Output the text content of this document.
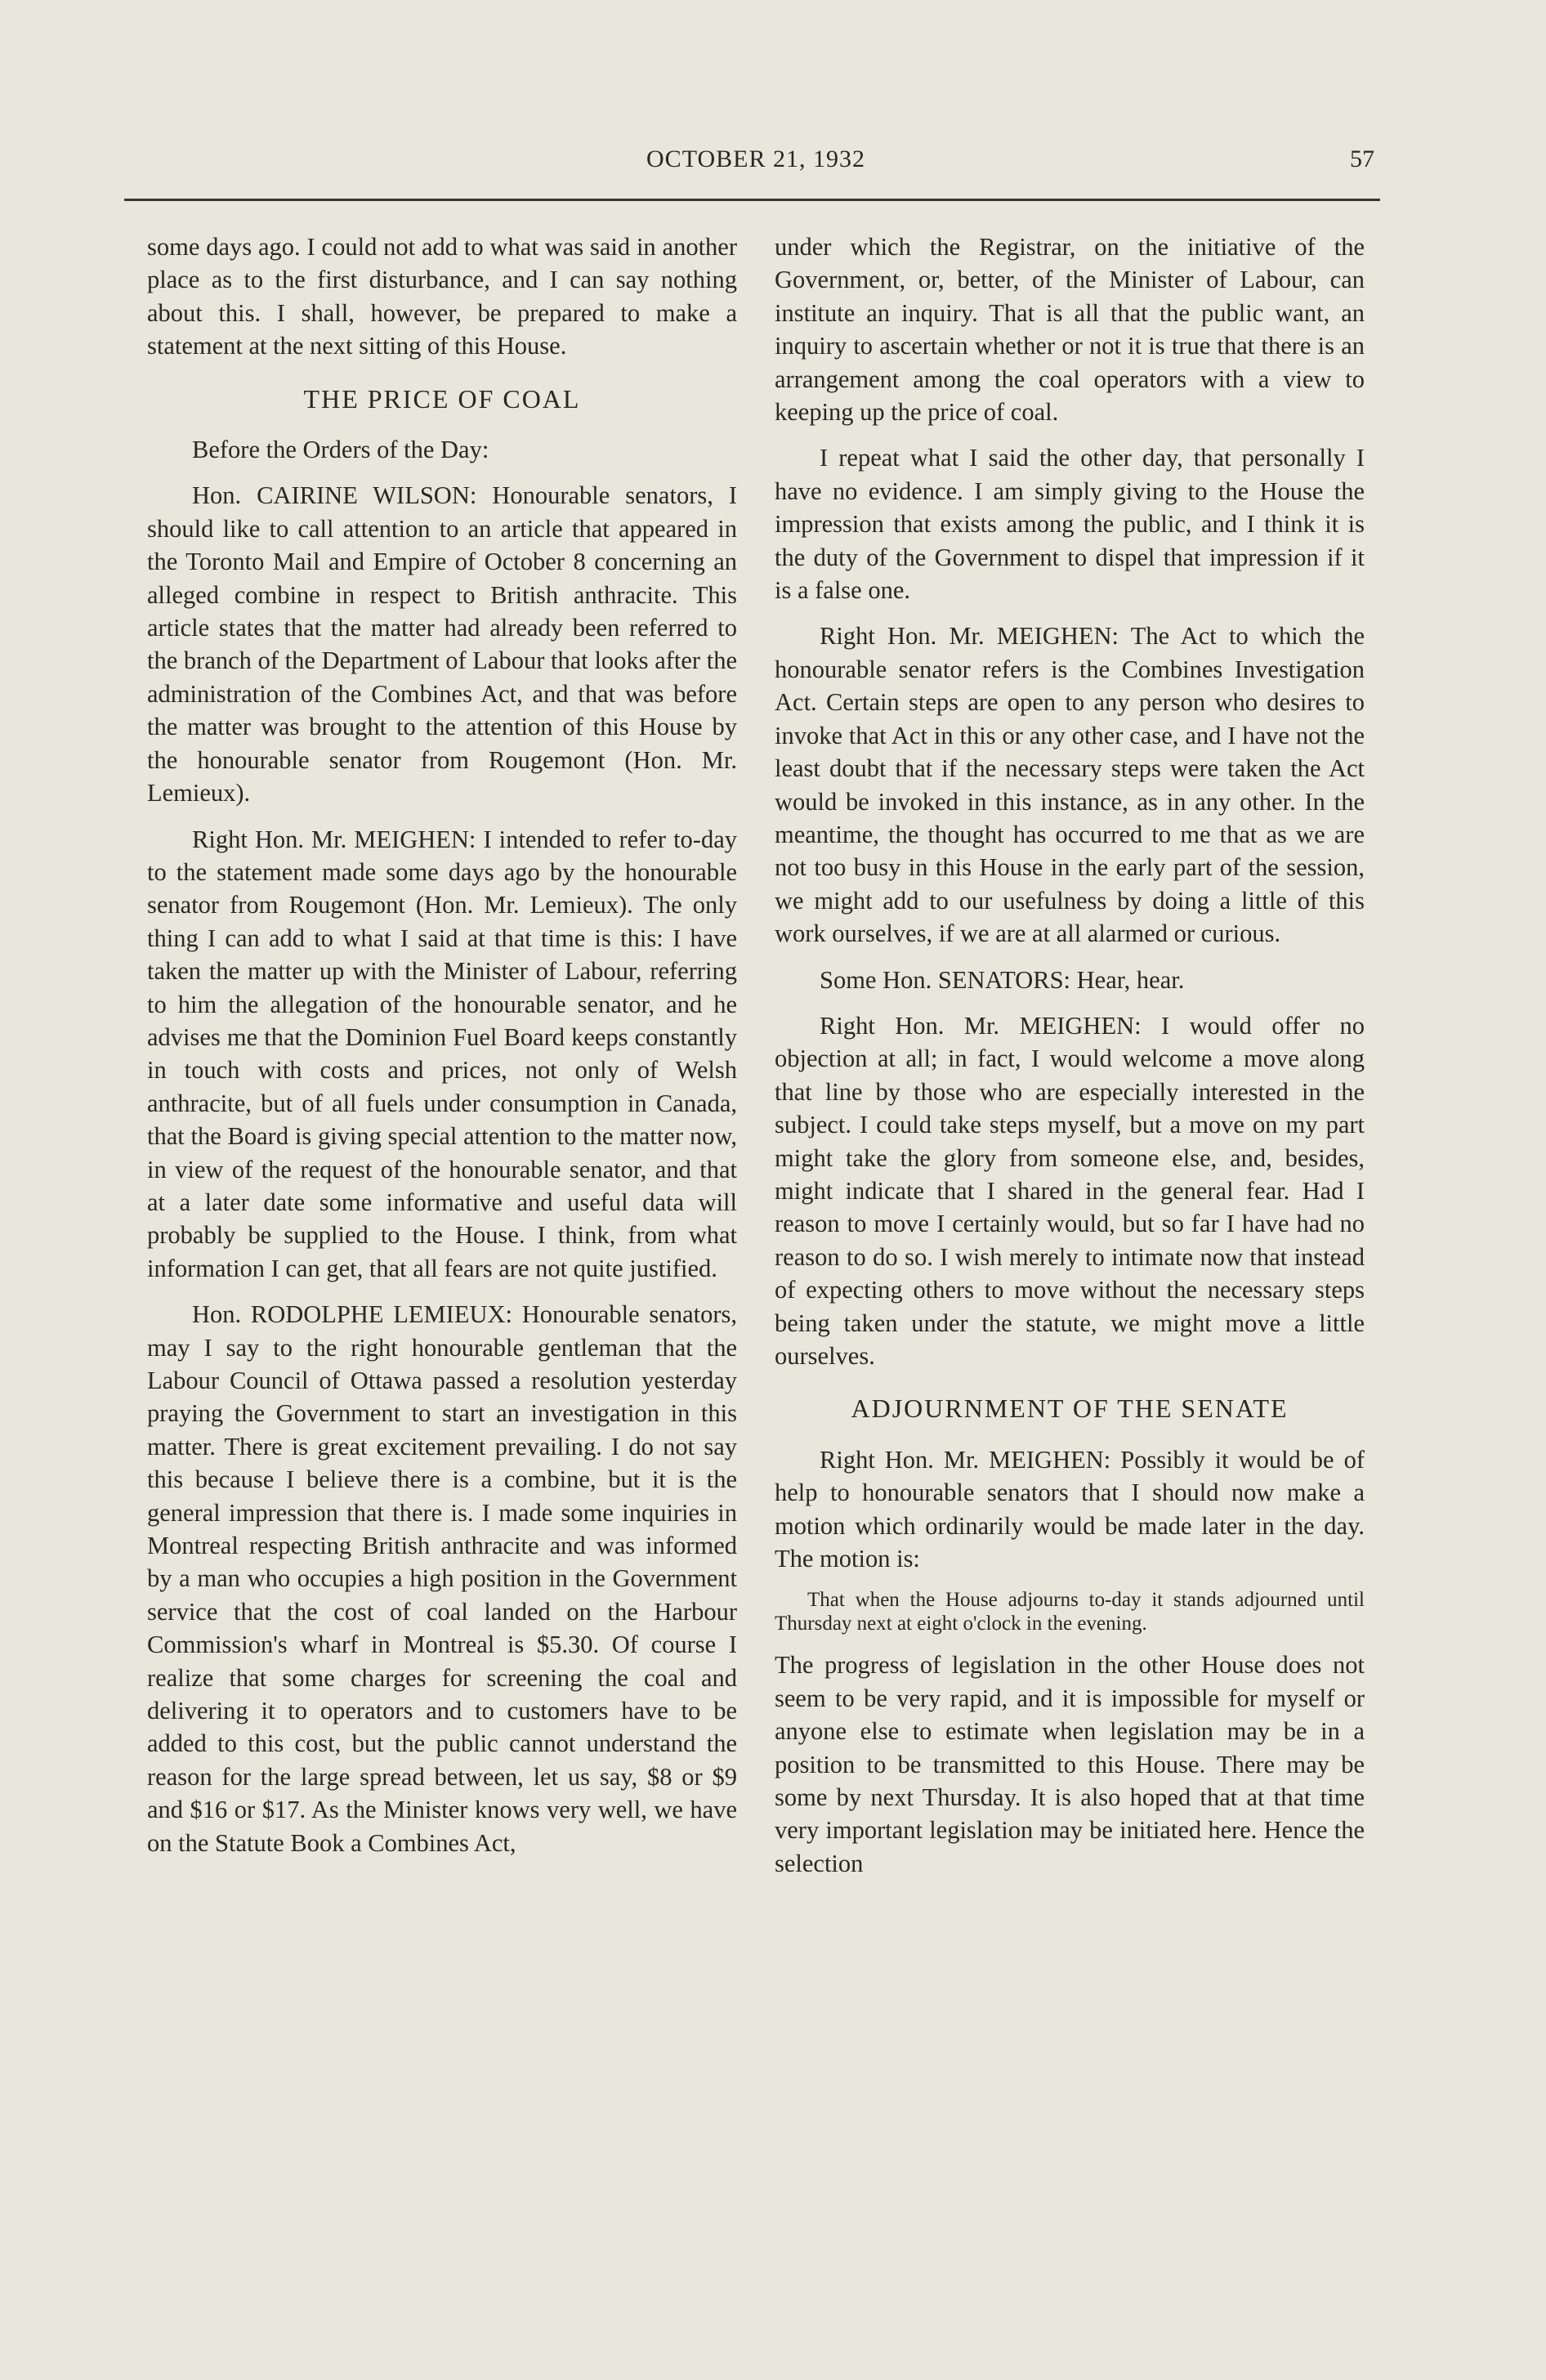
OCTOBER 21, 1932	57

some days ago. I could not add to what was said in another place as to the first disturbance, and I can say nothing about this. I shall, however, be prepared to make a statement at the next sitting of this House.

THE PRICE OF COAL

Before the Orders of the Day:

Hon. CAIRINE WILSON: Honourable senators, I should like to call attention to an article that appeared in the Toronto Mail and Empire of October 8 concerning an alleged combine in respect to British anthracite. This article states that the matter had already been referred to the branch of the Department of Labour that looks after the administration of the Combines Act, and that was before the matter was brought to the attention of this House by the honourable senator from Rougemont (Hon. Mr. Lemieux).

Right Hon. Mr. MEIGHEN: I intended to refer to-day to the statement made some days ago by the honourable senator from Rougemont (Hon. Mr. Lemieux). The only thing I can add to what I said at that time is this: I have taken the matter up with the Minister of Labour, referring to him the allegation of the honourable senator, and he advises me that the Dominion Fuel Board keeps constantly in touch with costs and prices, not only of Welsh anthracite, but of all fuels under consumption in Canada, that the Board is giving special attention to the matter now, in view of the request of the honourable senator, and that at a later date some informative and useful data will probably be supplied to the House. I think, from what information I can get, that all fears are not quite justified.

Hon. RODOLPHE LEMIEUX: Honourable senators, may I say to the right honourable gentleman that the Labour Council of Ottawa passed a resolution yesterday praying the Government to start an investigation in this matter. There is great excitement prevailing. I do not say this because I believe there is a combine, but it is the general impression that there is. I made some inquiries in Montreal respecting British anthracite and was informed by a man who occupies a high position in the Government service that the cost of coal landed on the Harbour Commission's wharf in Montreal is $5.30. Of course I realize that some charges for screening the coal and delivering it to operators and to customers have to be added to this cost, but the public cannot understand the reason for the large spread between, let us say, $8 or $9 and $16 or $17. As the Minister knows very well, we have on the Statute Book a Combines Act,

under which the Registrar, on the initiative of the Government, or, better, of the Minister of Labour, can institute an inquiry. That is all that the public want, an inquiry to ascertain whether or not it is true that there is an arrangement among the coal operators with a view to keeping up the price of coal.

I repeat what I said the other day, that personally I have no evidence. I am simply giving to the House the impression that exists among the public, and I think it is the duty of the Government to dispel that impression if it is a false one.

Right Hon. Mr. MEIGHEN: The Act to which the honourable senator refers is the Combines Investigation Act. Certain steps are open to any person who desires to invoke that Act in this or any other case, and I have not the least doubt that if the necessary steps were taken the Act would be invoked in this instance, as in any other. In the meantime, the thought has occurred to me that as we are not too busy in this House in the early part of the session, we might add to our usefulness by doing a little of this work ourselves, if we are at all alarmed or curious.

Some Hon. SENATORS: Hear, hear.

Right Hon. Mr. MEIGHEN: I would offer no objection at all; in fact, I would welcome a move along that line by those who are especially interested in the subject. I could take steps myself, but a move on my part might take the glory from someone else, and, besides, might indicate that I shared in the general fear. Had I reason to move I certainly would, but so far I have had no reason to do so. I wish merely to intimate now that instead of expecting others to move without the necessary steps being taken under the statute, we might move a little ourselves.

ADJOURNMENT OF THE SENATE

Right Hon. Mr. MEIGHEN: Possibly it would be of help to honourable senators that I should now make a motion which ordinarily would be made later in the day. The motion is:

That when the House adjourns to-day it stands adjourned until Thursday next at eight o'clock in the evening.

The progress of legislation in the other House does not seem to be very rapid, and it is impossible for myself or anyone else to estimate when legislation may be in a position to be transmitted to this House. There may be some by next Thursday. It is also hoped that at that time very important legislation may be initiated here. Hence the selection
